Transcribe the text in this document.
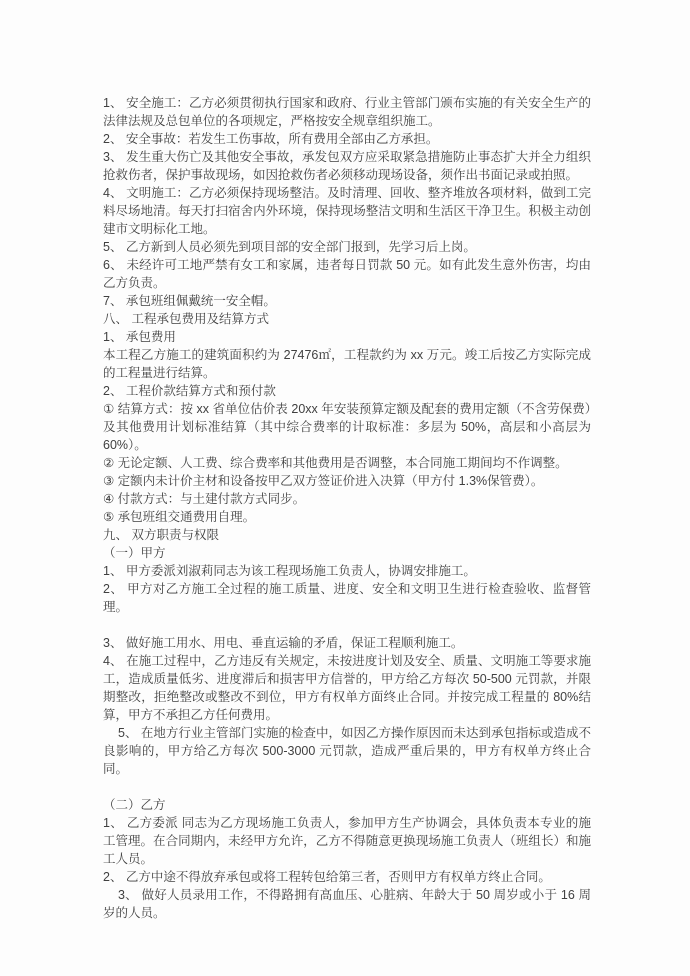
1、 安全施工：乙方必须贯彻执行国家和政府、行业主管部门颁布实施的有关安全生产的法律法规及总包单位的各项规定，严格按安全规章组织施工。

2、 安全事故：若发生工伤事故，所有费用全部由乙方承担。

3、 发生重大伤亡及其他安全事故，承发包双方应采取紧急措施防止事态扩大并全力组织抢救伤者，保护事故现场，如因抢救伤者必须移动现场设备，须作出书面记录或拍照。

4、 文明施工：乙方必须保持现场整洁。及时清理、回收、整齐堆放各项材料，做到工完料尽场地清。每天打扫宿舍内外环境，保持现场整洁文明和生活区干净卫生。积极主动创建市文明标化工地。

5、 乙方新到人员必须先到项目部的安全部门报到，先学习后上岗。

6、 未经许可工地严禁有女工和家属，违者每日罚款 50 元。如有此发生意外伤害，均由乙方负责。

7、 承包班组佩戴统一安全帽。

八、 工程承包费用及结算方式

1、 承包费用

本工程乙方施工的建筑面积约为 27476㎡，工程款约为 xx 万元。竣工后按乙方实际完成的工程量进行结算。

2、 工程价款结算方式和预付款

① 结算方式：按 xx 省单位估价表 20xx 年安装预算定额及配套的费用定额（不含劳保费）及其他费用计划标准结算（其中综合费率的计取标准：多层为 50%，高层和小高层为 60%）。

② 无论定额、人工费、综合费率和其他费用是否调整，本合同施工期间均不作调整。

③ 定额内未计价主材和设备按甲乙双方签证价进入决算（甲方付 1.3%保管费）。

④ 付款方式：与土建付款方式同步。

⑤ 承包班组交通费用自理。

九、 双方职责与权限

（一）甲方

1、 甲方委派刘淑莉同志为该工程现场施工负责人，协调安排施工。

2、 甲方对乙方施工全过程的施工质量、进度、安全和文明卫生进行检查验收、监督管理。

3、 做好施工用水、用电、垂直运输的矛盾，保证工程顺利施工。

4、 在施工过程中，乙方违反有关规定，未按进度计划及安全、质量、文明施工等要求施工，造成质量低劣、进度滞后和损害甲方信誉的，甲方给乙方每次 50-500 元罚款，并限期整改，拒绝整改或整改不到位，甲方有权单方面终止合同。并按完成工程量的 80%结算，甲方不承担乙方任何费用。

5、 在地方行业主管部门实施的检查中，如因乙方操作原因而未达到承包指标或造成不良影响的，甲方给乙方每次 500-3000 元罚款，造成严重后果的，甲方有权单方终止合同。

（二）乙方

1、 乙方委派 同志为乙方现场施工负责人，参加甲方生产协调会，具体负责本专业的施工管理。在合同期内，未经甲方允许，乙方不得随意更换现场施工负责人（班组长）和施工人员。

2、 乙方中途不得放弃承包或将工程转包给第三者，否则甲方有权单方终止合同。

3、 做好人员录用工作，不得路拥有高血压、心脏病、年龄大于 50 周岁或小于 16 周岁的人员。
